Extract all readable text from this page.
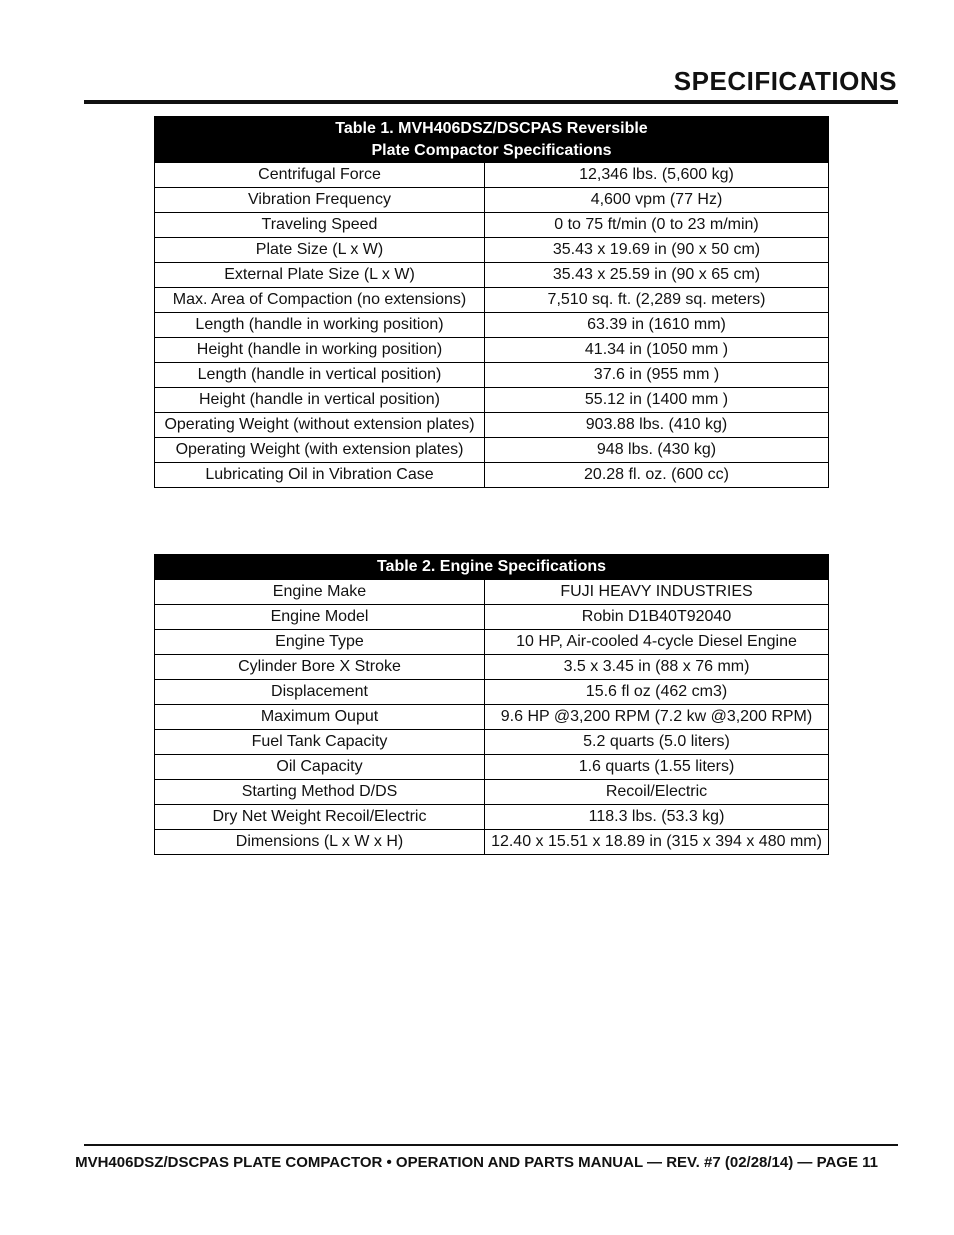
SPECIFICATIONS
Table 1. MVH406DSZ/DSCPAS Reversible
Plate Compactor Specifications	

Centrifugal Force	12,346 lbs. (5,600 kg)
Vibration Frequency	4,600 vpm (77 Hz)
Traveling Speed	0 to 75 ft/min (0 to 23 m/min)
Plate Size (L x W)	35.43 x 19.69 in (90 x 50 cm)
External Plate Size (L x W)	35.43 x 25.59 in (90 x 65 cm)
Max. Area of Compaction (no extensions)	7,510 sq. ft. (2,289 sq. meters)
Length (handle in working position)	63.39 in (1610 mm)
Height (handle in working position)	41.34 in (1050 mm )
Length (handle in vertical position)	37.6 in (955 mm )
Height (handle in vertical position)	55.12 in (1400 mm )
Operating Weight (without extension plates)	903.88 lbs. (410 kg)
Operating Weight (with extension plates)	948 lbs. (430 kg)
Lubricating Oil in Vibration Case	20.28 fl. oz. (600 cc)
Table 2. Engine Specifications	
Engine Make	FUJI HEAVY INDUSTRIES
Engine Model	Robin D1B40T92040
Engine Type	10 HP, Air-cooled 4-cycle Diesel Engine
Cylinder Bore X Stroke	3.5 x 3.45 in (88 x 76 mm)
Displacement	15.6 fl oz (462 cm3)
Maximum Ouput	9.6 HP @3,200 RPM (7.2 kw @3,200 RPM)
Fuel Tank Capacity	5.2 quarts (5.0 liters)
Oil Capacity	1.6 quarts (1.55 liters)
Starting Method D/DS	Recoil/Electric
Dry Net Weight Recoil/Electric	118.3 lbs. (53.3 kg)
Dimensions (L x W x H)	12.40 x 15.51 x 18.89 in (315 x 394 x 480 mm)
MVH406DSZ/DSCPAS PLATE COMPACTOR • OPERATION AND PARTS MANUAL — REV. #7 (02/28/14) — PAGE 11
